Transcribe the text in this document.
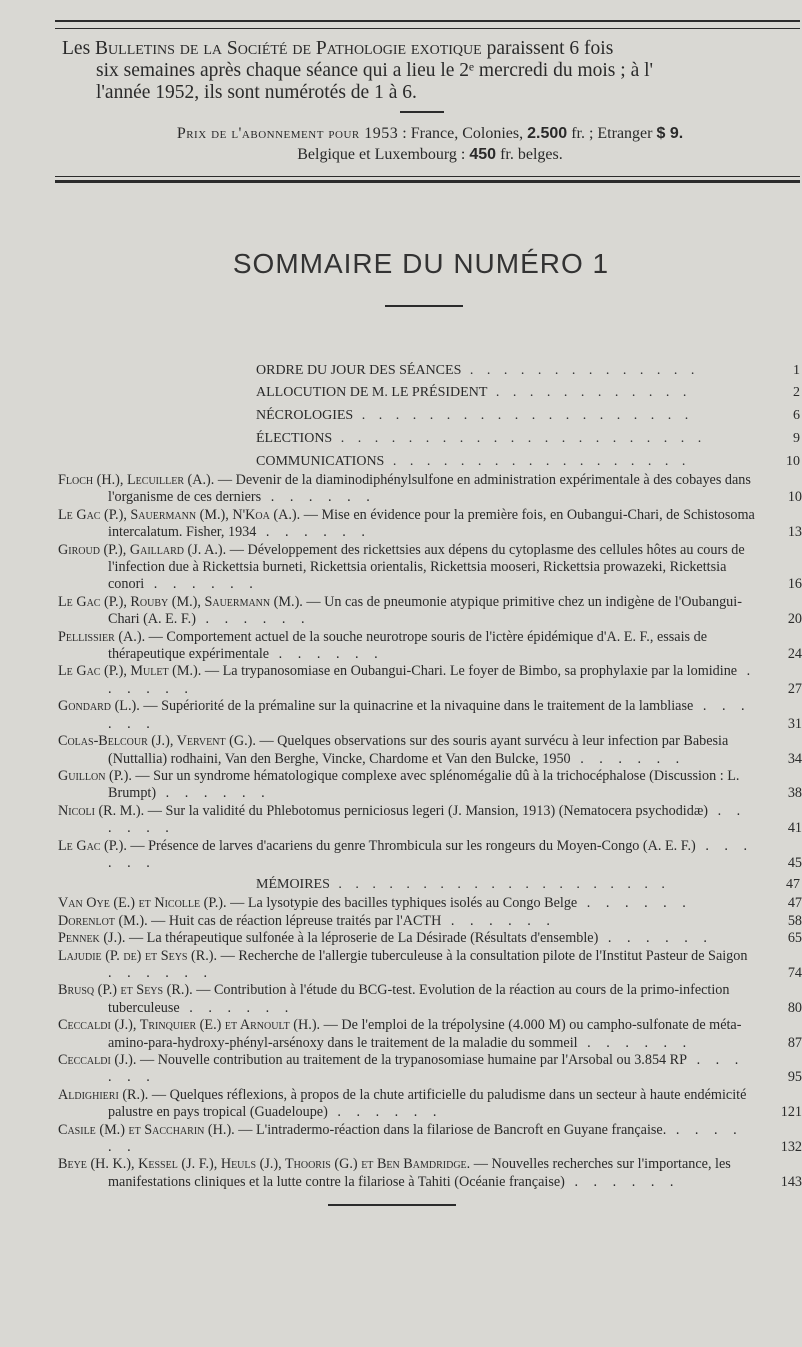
Les Bulletins de la Société de Pathologie exotique paraissent 6 fois
six semaines après chaque séance qui a lieu le 2ᵉ mercredi du mois ; à l'
l'année 1952, ils sont numérotés de 1 à 6.
Prix de l'abonnement pour 1953 : France, Colonies, 2.500 fr. ; Etranger $ 9.
Belgique et Luxembourg : 450 fr. belges.
SOMMAIRE DU NUMÉRO 1
ORDRE DU JOUR DES SÉANCES . . . . . . . . . . . . . .	1
ALLOCUTION DE M. LE PRÉSIDENT . . . . . . . . . . . .	2
NÉCROLOGIES . . . . . . . . . . . . . . . . . . . .	6
ÉLECTIONS . . . . . . . . . . . . . . . . . . . . . .	9
COMMUNICATIONS . . . . . . . . . . . . . . . . . .	10

Floch (H.), Lecuiller (A.). — Devenir de la diaminodiphénylsulfone en administration expérimentale à des cobayes dans l'organisme de ces derniers . . . . . .	10

Le Gac (P.), Sauermann (M.), N'Koa (A.). — Mise en évidence pour la première fois, en Oubangui-Chari, de Schistosoma intercalatum. Fisher, 1934 . . . . . .	13

Giroud (P.), Gaillard (J. A.). — Développement des rickettsies aux dépens du cytoplasme des cellules hôtes au cours de l'infection due à Rickettsia burneti, Rickettsia orientalis, Rickettsia mooseri, Rickettsia prowazeki, Rickettsia conori . . . . . .	16

Le Gac (P.), Rouby (M.), Sauermann (M.). — Un cas de pneumonie atypique primitive chez un indigène de l'Oubangui-Chari (A. E. F.) . . . . . .	20

Pellissier (A.). — Comportement actuel de la souche neurotrope souris de l'ictère épidémique d'A. E. F., essais de thérapeutique expérimentale . . . . . .	24

Le Gac (P.), Mulet (M.). — La trypanosomiase en Oubangui-Chari. Le foyer de Bimbo, sa prophylaxie par la lomidine . . . . . .	27

Gondard (L.). — Supériorité de la prémaline sur la quinacrine et la nivaquine dans le traitement de la lambliase . . . . . .	31

Colas-Belcour (J.), Vervent (G.). — Quelques observations sur des souris ayant survécu à leur infection par Babesia (Nuttallia) rodhaini, Van den Berghe, Vincke, Chardome et Van den Bulcke, 1950 . . . . . .	34

Guillon (P.). — Sur un syndrome hématologique complexe avec splénomégalie dû à la trichocéphalose (Discussion : L. Brumpt) . . . . . .	38

Nicoli (R. M.). — Sur la validité du Phlebotomus perniciosus legeri (J. Mansion, 1913) (Nematocera psychodidæ) . . . . . .	41

Le Gac (P.). — Présence de larves d'acariens du genre Thrombicula sur les rongeurs du Moyen-Congo (A. E. F.) . . . . . .	45

MÉMOIRES . . . . . . . . . . . . . . . . . . . .	47

Van Oye (E.) et Nicolle (P.). — La lysotypie des bacilles typhiques isolés au Congo Belge . . . . . .	47

Dorenlot (M.). — Huit cas de réaction lépreuse traités par l'ACTH . . . . . .	58

Pennek (J.). — La thérapeutique sulfonée à la léproserie de La Désirade (Résultats d'ensemble) . . . . . .	65

Lajudie (P. de) et Seys (R.). — Recherche de l'allergie tuberculeuse à la consultation pilote de l'Institut Pasteur de Saigon . . . . . .	74

Brusq (P.) et Seys (R.). — Contribution à l'étude du BCG-test. Evolution de la réaction au cours de la primo-infection tuberculeuse . . . . . .	80

Ceccaldi (J.), Trinquier (E.) et Arnoult (H.). — De l'emploi de la trépolysine (4.000 M) ou campho-sulfonate de méta-amino-para-hydroxy-phényl-arsénoxy dans le traitement de la maladie du sommeil . . . . . .	87

Ceccaldi (J.). — Nouvelle contribution au traitement de la trypanosomiase humaine par l'Arsobal ou 3.854 RP . . . . . .	95

Aldighieri (R.). — Quelques réflexions, à propos de la chute artificielle du paludisme dans un secteur à haute endémicité palustre en pays tropical (Guadeloupe) . . . . . .	121

Casile (M.) et Saccharin (H.). — L'intradermo-réaction dans la filariose de Bancroft en Guyane française. . . . . . .	132

Beye (H. K.), Kessel (J. F.), Heuls (J.), Thooris (G.) et Ben Bamdridge. — Nouvelles recherches sur l'importance, les manifestations cliniques et la lutte contre la filariose à Tahiti (Océanie française) . . . . . .	143
